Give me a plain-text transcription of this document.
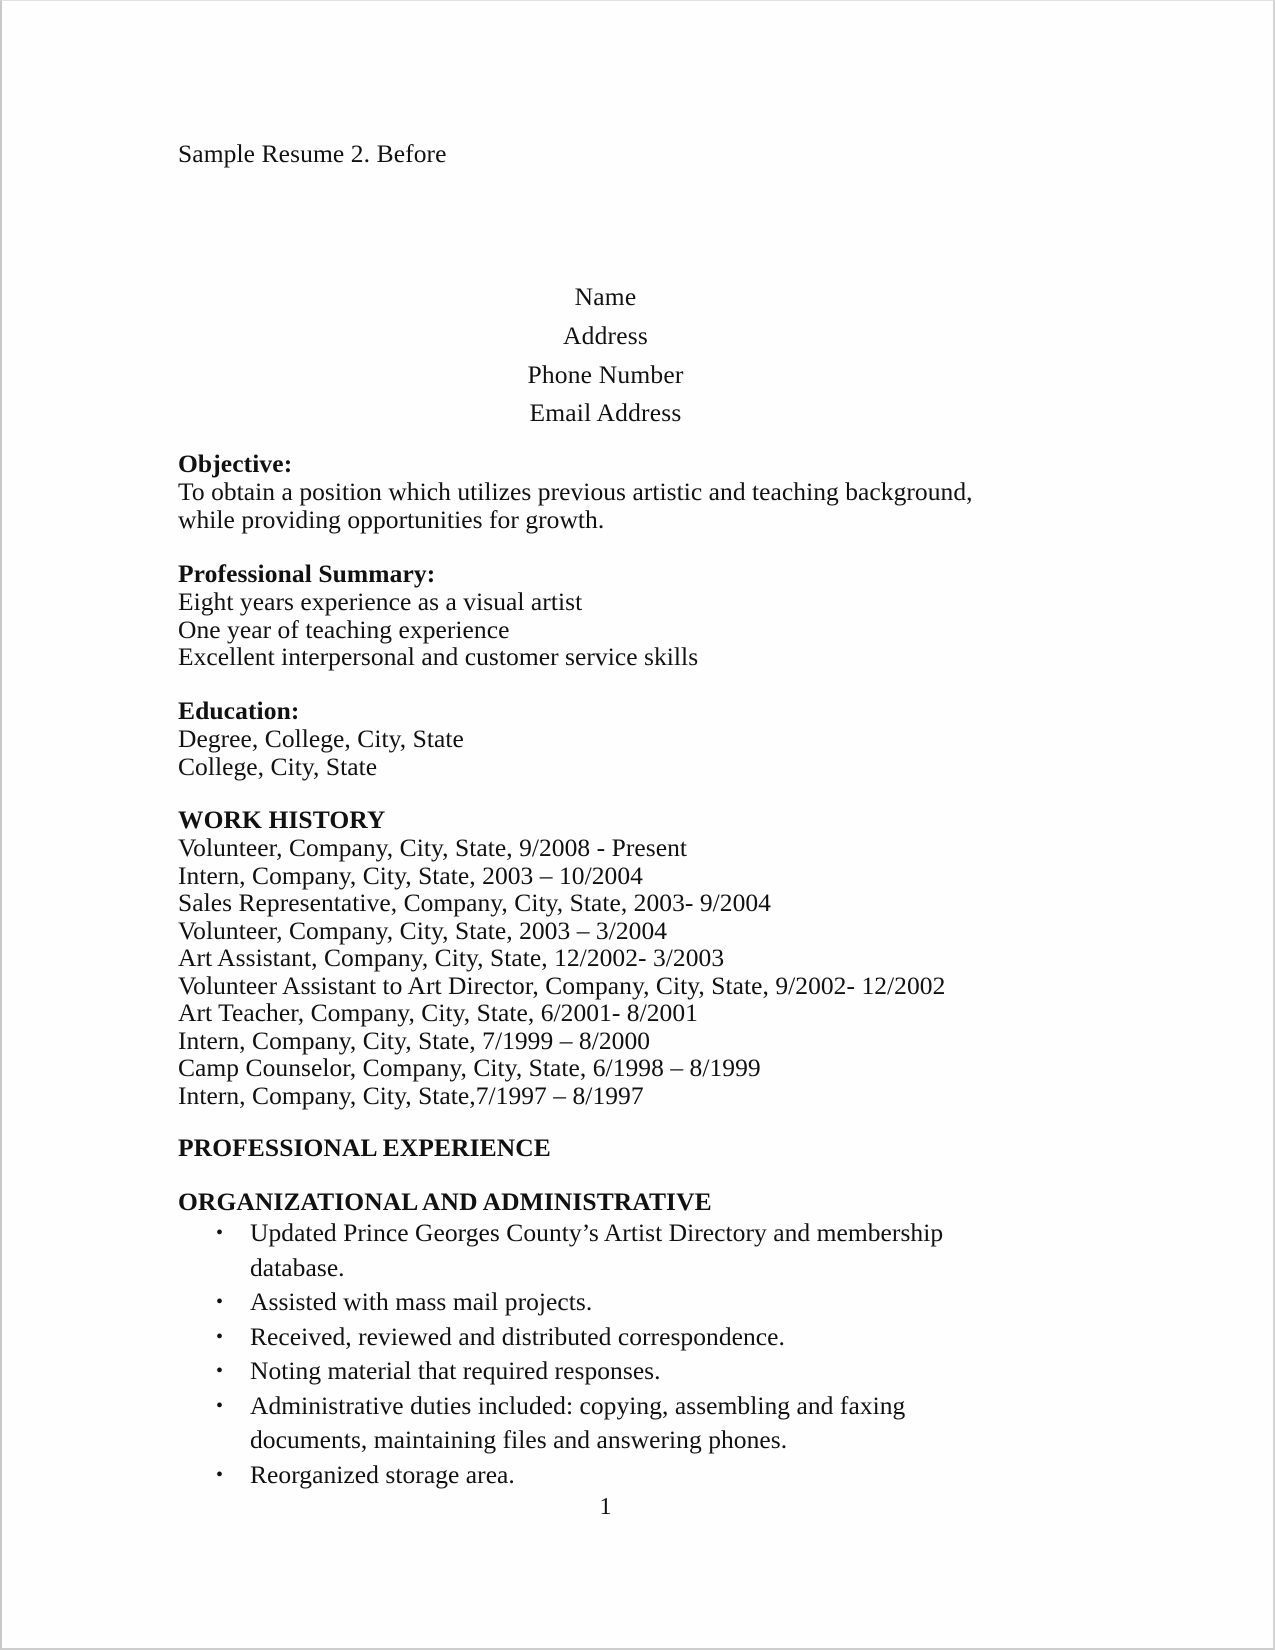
Sample Resume 2. Before
Name
Address
Phone Number
Email Address
Objective:
To obtain a position which utilizes previous artistic and teaching background, while providing opportunities for growth.
Professional Summary:
Eight years experience as a visual artist
One year of teaching experience
Excellent interpersonal and customer service skills
Education:
Degree, College, City, State
College, City, State
WORK HISTORY
Volunteer, Company, City, State, 9/2008 - Present
Intern, Company, City, State, 2003 – 10/2004
Sales Representative, Company, City, State, 2003- 9/2004
Volunteer, Company, City, State, 2003 – 3/2004
Art Assistant, Company, City, State, 12/2002- 3/2003
Volunteer Assistant to Art Director, Company, City, State, 9/2002- 12/2002
Art Teacher, Company, City, State, 6/2001- 8/2001
Intern, Company, City, State, 7/1999 – 8/2000
Camp Counselor, Company, City, State, 6/1998 – 8/1999
Intern, Company, City, State,7/1997 – 8/1997
PROFESSIONAL EXPERIENCE
ORGANIZATIONAL AND ADMINISTRATIVE
• Updated Prince Georges County’s Artist Directory and membership database.
• Assisted with mass mail projects.
• Received, reviewed and distributed correspondence.
• Noting material that required responses.
• Administrative duties included: copying, assembling and faxing documents, maintaining files and answering phones.
• Reorganized storage area.
1
